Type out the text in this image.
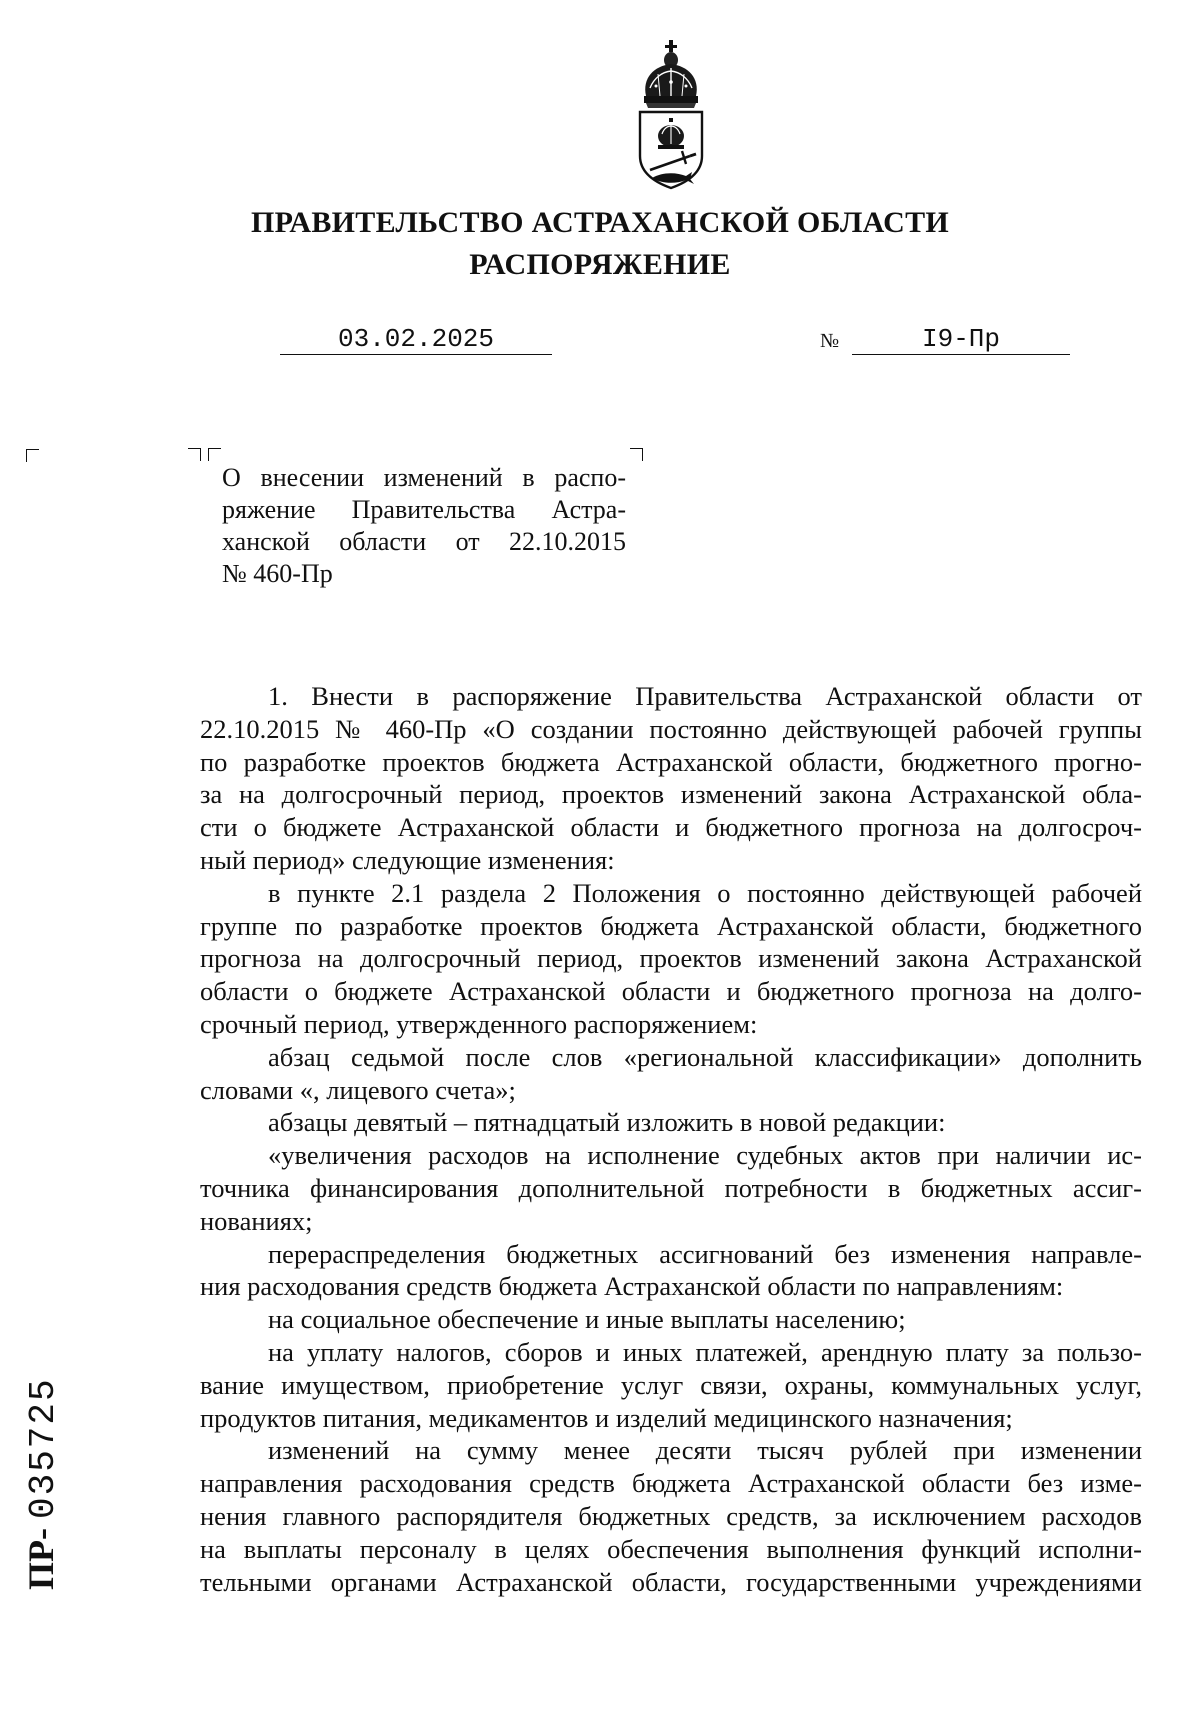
ПРАВИТЕЛЬСТВО АСТРАХАНСКОЙ ОБЛАСТИ
РАСПОРЯЖЕНИЕ
03.02.2025	№	I9-Пр
О внесении изменений в распо-
ряжение Правительства Астра-
ханской области от 22.10.2015
№ 460-Пр
1. Внести в распоряжение Правительства Астраханской области от
22.10.2015 № 460-Пр «О создании постоянно действующей рабочей группы
по разработке проектов бюджета Астраханской области, бюджетного прогно-
за на долгосрочный период, проектов изменений закона Астраханской обла-
сти о бюджете Астраханской области и бюджетного прогноза на долгосроч-
ный период» следующие изменения:
в пункте 2.1 раздела 2 Положения о постоянно действующей рабочей
группе по разработке проектов бюджета Астраханской области, бюджетного
прогноза на долгосрочный период, проектов изменений закона Астраханской
области о бюджете Астраханской области и бюджетного прогноза на долго-
срочный период, утвержденного распоряжением:
абзац седьмой после слов «региональной классификации» дополнить
словами «, лицевого счета»;
абзацы девятый – пятнадцатый изложить в новой редакции:
«увеличения расходов на исполнение судебных актов при наличии ис-
точника финансирования дополнительной потребности в бюджетных ассиг-
нованиях;
перераспределения бюджетных ассигнований без изменения направле-
ния расходования средств бюджета Астраханской области по направлениям:
на социальное обеспечение и иные выплаты населению;
на уплату налогов, сборов и иных платежей, арендную плату за пользо-
вание имуществом, приобретение услуг связи, охраны, коммунальных услуг,
продуктов питания, медикаментов и изделий медицинского назначения;
изменений на сумму менее десяти тысяч рублей при изменении
направления расходования средств бюджета Астраханской области без изме-
нения главного распорядителя бюджетных средств, за исключением расходов
на выплаты персоналу в целях обеспечения выполнения функций исполни-
тельными органами Астраханской области, государственными учреждениями
ПР- 035725
